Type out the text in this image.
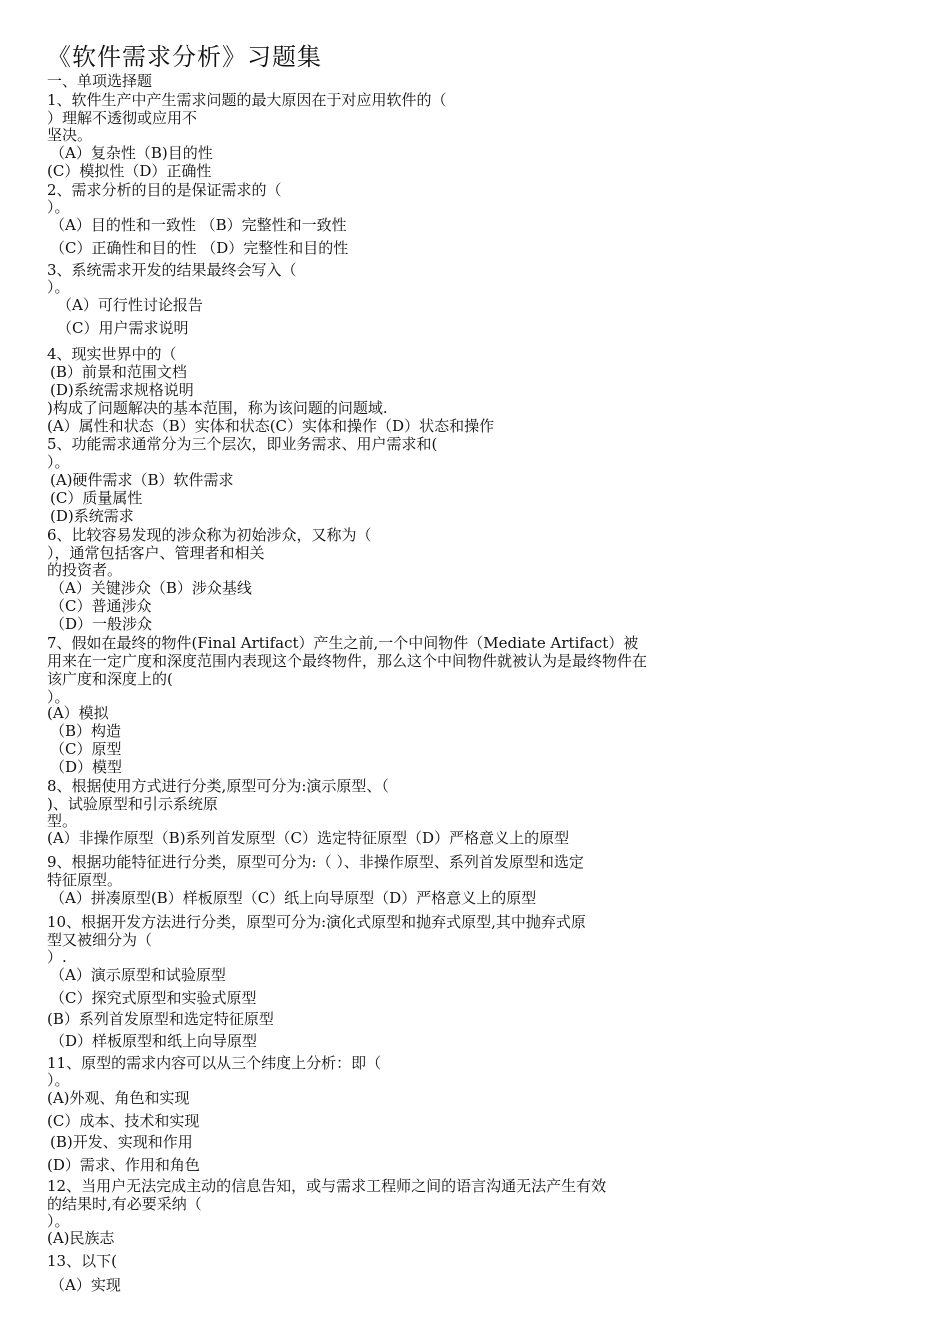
《软件需求分析》习题集
一、单项选择题
1、软件生产中产生需求问题的最大原因在于对应用软件的（
）理解不透彻或应用不
坚决。
（A）复杂性（B)目的性
(C）模拟性（D）正确性
2、需求分析的目的是保证需求的（
）。
（A）目的性和一致性 （B）完整性和一致性
（C）正确性和目的性 （D）完整性和目的性
3、系统需求开发的结果最终会写入（
）。
（A）可行性讨论报告
（C）用户需求说明
4、现实世界中的（
(B）前景和范围文档
(D)系统需求规格说明
)构成了问题解决的基本范围，称为该问题的问题域.
(A）属性和状态（B）实体和状态(C）实体和操作（D）状态和操作
5、功能需求通常分为三个层次，即业务需求、用户需求和(
）。
(A)硬件需求（B）软件需求
(C）质量属性
(D)系统需求
6、比较容易发现的涉众称为初始涉众，又称为（
），通常包括客户、管理者和相关
的投资者。
（A）关键涉众（B）涉众基线
（C）普通涉众
（D）一般涉众
7、假如在最终的物件(Final Artifact）产生之前,一个中间物件（Mediate Artifact）被
用来在一定广度和深度范围内表现这个最终物件，那么这个中间物件就被认为是最终物件在
该广度和深度上的(
）。
(A）模拟
（B）构造
（C）原型
（D）模型
8、根据使用方式进行分类,原型可分为:演示原型、（
)、试验原型和引示系统原
型。
(A）非操作原型（B)系列首发原型（C）选定特征原型（D）严格意义上的原型
9、根据功能特征进行分类，原型可分为:（ ）、非操作原型、系列首发原型和选定
特征原型。
（A）拼凑原型(B）样板原型（C）纸上向导原型（D）严格意义上的原型
10、根据开发方法进行分类，原型可分为:演化式原型和抛弃式原型,其中抛弃式原
型又被细分为（
）.
（A）演示原型和试验原型
（C）探究式原型和实验式原型
(B）系列首发原型和选定特征原型
（D）样板原型和纸上向导原型
11、原型的需求内容可以从三个纬度上分析：即（
）。
(A)外观、角色和实现
(C）成本、技术和实现
(B)开发、实现和作用
(D）需求、作用和角色
12、当用户无法完成主动的信息告知，或与需求工程师之间的语言沟通无法产生有效
的结果时,有必要采纳（
）。
(A)民族志
13、以下(
（A）实现
